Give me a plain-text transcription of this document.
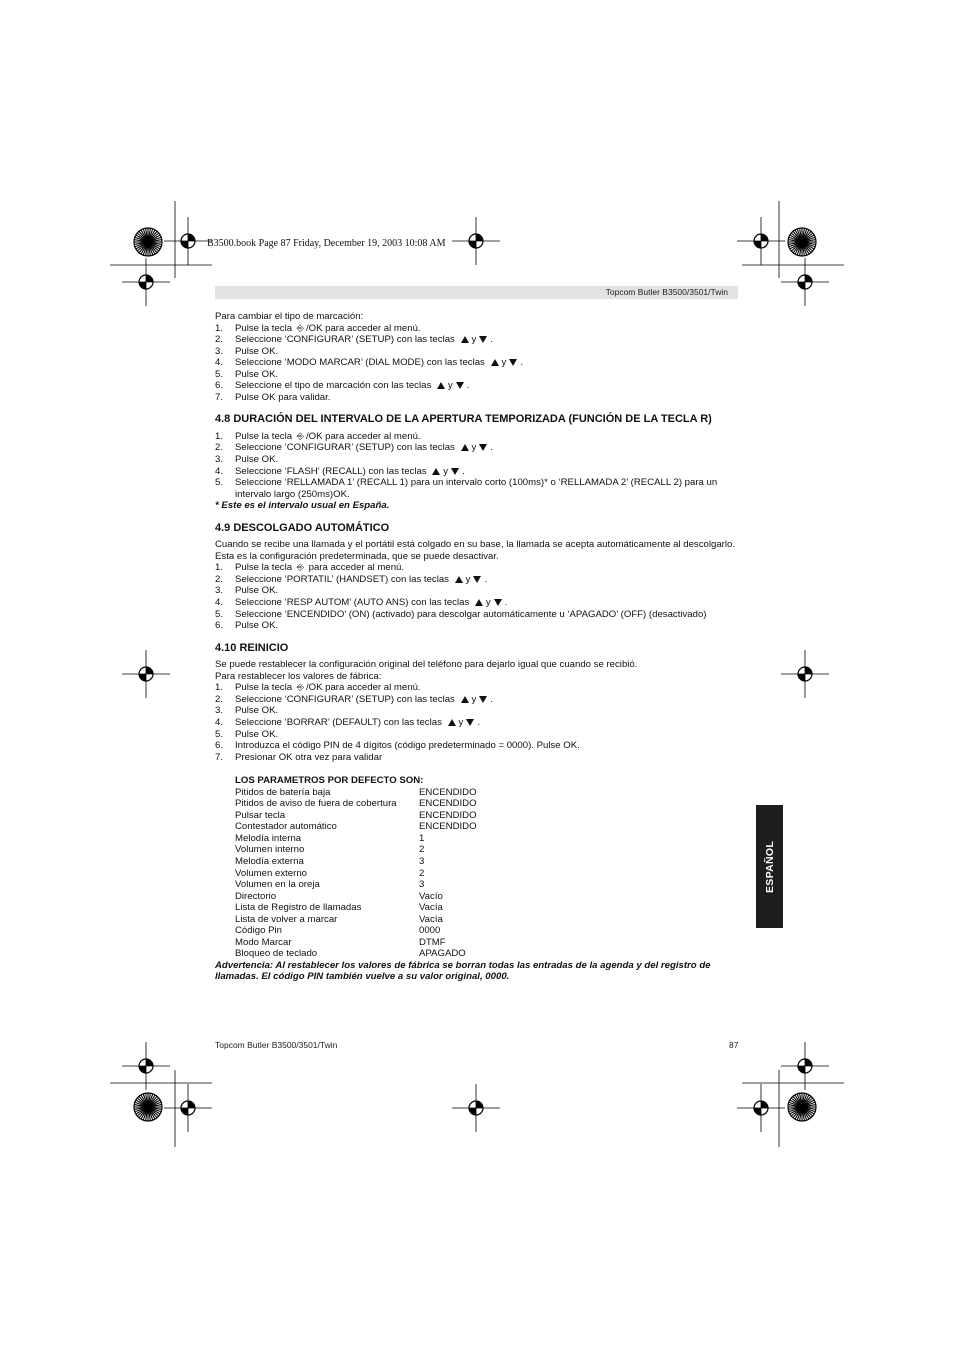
B3500.book Page 87 Friday, December 19, 2003 10:08 AM
Topcom Butler B3500/3501/Twin

Para cambiar el tipo de marcación:

1. Pulse la tecla ⎆ /OK para acceder al menú.
2. Seleccione ‘CONFIGURAR’ (SETUP) con las teclas y .
3. Pulse OK.
4. Seleccione ‘MODO MARCAR’ (DIAL MODE) con las teclas y .
5. Pulse OK.
6. Seleccione el tipo de marcación con las teclas y .
7. Pulse OK para validar.
4.8 DURACIÓN DEL INTERVALO DE LA APERTURA TEMPORIZADA (FUNCIÓN DE LA TECLA R)
1. Pulse la tecla ⎆ /OK para acceder al menú.
2. Seleccione ‘CONFIGURAR’ (SETUP) con las teclas y .
3. Pulse OK.
4. Seleccione ‘FLASH’ (RECALL) con las teclas y .
5. Seleccione ‘RELLAMADA 1’ (RECALL 1) para un intervalo corto (100ms)* o ‘RELLAMADA 2’ (RECALL 2) para un intervalo largo (250ms)OK.

* Este es el intervalo usual en España.

4.9 DESCOLGADO AUTOMÁTICO

Cuando se recibe una llamada y el portátil está colgado en su base, la llamada se acepta automáticamente al descolgarlo. Esta es la configuración predeterminada, que se puede desactivar.

1. Pulse la tecla ⎆ para acceder al menú.
2. Seleccione ‘PORTATIL’ (HANDSET) con las teclas y .
3. Pulse OK.
4. Seleccione ‘RESP AUTOM’ (AUTO ANS) con las teclas y .
5. Seleccione ‘ENCENDIDO’ (ON) (activado) para descolgar automáticamente u ‘APAGADO’ (OFF) (desactivado)
6. Pulse OK.
4.10 REINICIO

Se puede restablecer la configuración original del teléfono para dejarlo igual que cuando se recibió.

Para restablecer los valores de fábrica:

1. Pulse la tecla ⎆ /OK para acceder al menú.
2. Seleccione ‘CONFIGURAR’ (SETUP) con las teclas y .
3. Pulse OK.
4. Seleccione ‘BORRAR’ (DEFAULT) con las teclas y .
5. Pulse OK.
6. Introduzca el código PIN de 4 dígitos (código predeterminado = 0000). Pulse OK.
7. Presionar OK otra vez para validar
LOS PARAMETROS POR DEFECTO SON:
Pitidos de batería baja	ENCENDIDO
Pitidos de aviso de fuera de cobertura	ENCENDIDO
Pulsar tecla	ENCENDIDO
Contestador automático	ENCENDIDO
Melodía interna	1
Volumen interno	2
Melodía externa	3
Volumen externo	2
Volumen en la oreja	3
Directorio	Vacío
Lista de Registro de llamadas	Vacía
Lista de volver a marcar	Vacía
Código Pin	0000
Modo Marcar	DTMF
Bloqueo de teclado	APAGADO

Advertencia: Al restablecer los valores de fábrica se borran todas las entradas de la agenda y del registro de llamadas. El código PIN también vuelve a su valor original, 0000.

ESPAÑOL
Topcom Butler B3500/3501/Twin	87
